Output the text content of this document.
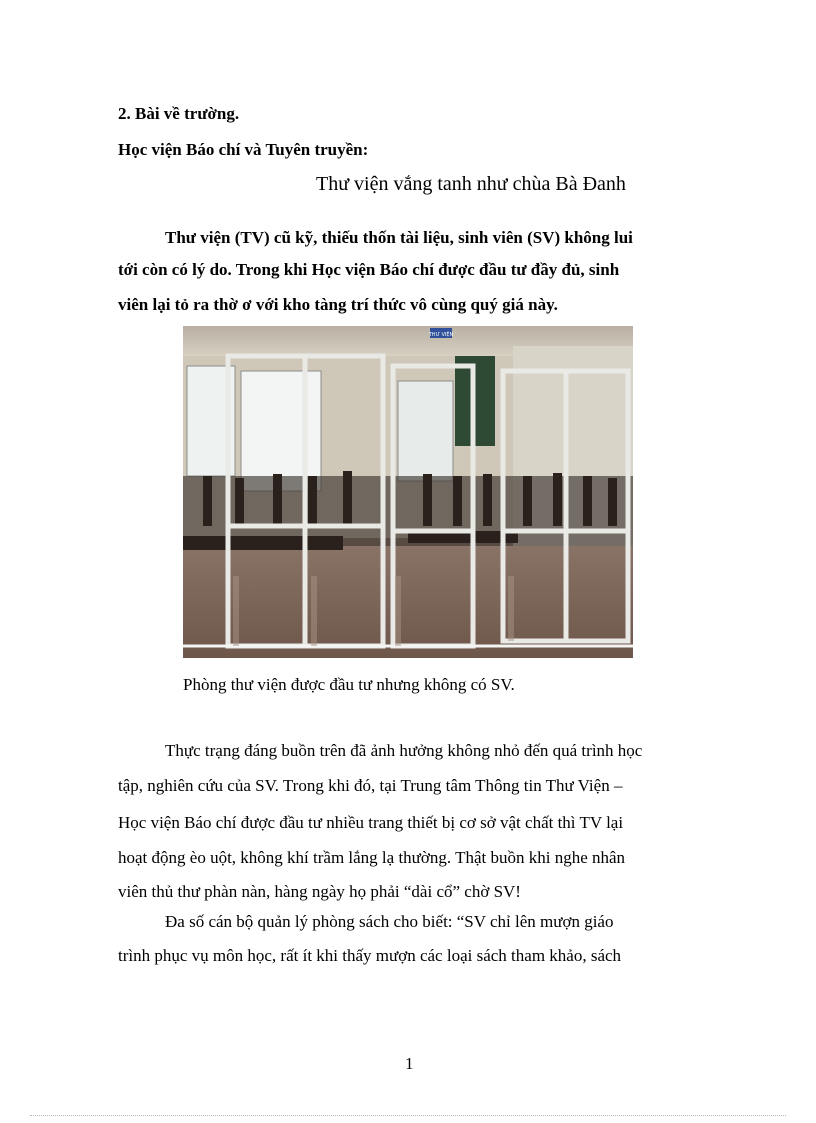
2. Bài về trường.
Học viện Báo chí và Tuyên truyền:
Thư viện vắng tanh như chùa Bà Đanh
Thư viện (TV) cũ kỹ, thiếu thốn tài liệu, sinh viên (SV) không lui
tới còn có lý do. Trong khi Học viện Báo chí được đầu tư đầy đủ, sinh
viên lại tỏ ra thờ ơ với kho tàng trí thức vô cùng quý giá này.
THƯ VIỆN
Phòng thư viện được đầu tư nhưng không có SV.
Thực trạng đáng buồn trên đã ảnh hưởng không nhỏ đến quá trình học
tập, nghiên cứu của SV. Trong khi đó, tại Trung tâm Thông tin Thư Viện –
Học viện Báo chí được đầu tư nhiều trang thiết bị cơ sở vật chất thì TV lại
hoạt động èo uột, không khí trầm lắng lạ thường. Thật buồn khi nghe nhân
viên thủ thư phàn nàn, hàng ngày họ phải “dài cổ” chờ SV!
Đa số cán bộ quản lý phòng sách cho biết: “SV chỉ lên mượn giáo
trình phục vụ môn học, rất ít khi thấy mượn các loại sách tham khảo, sách
1
